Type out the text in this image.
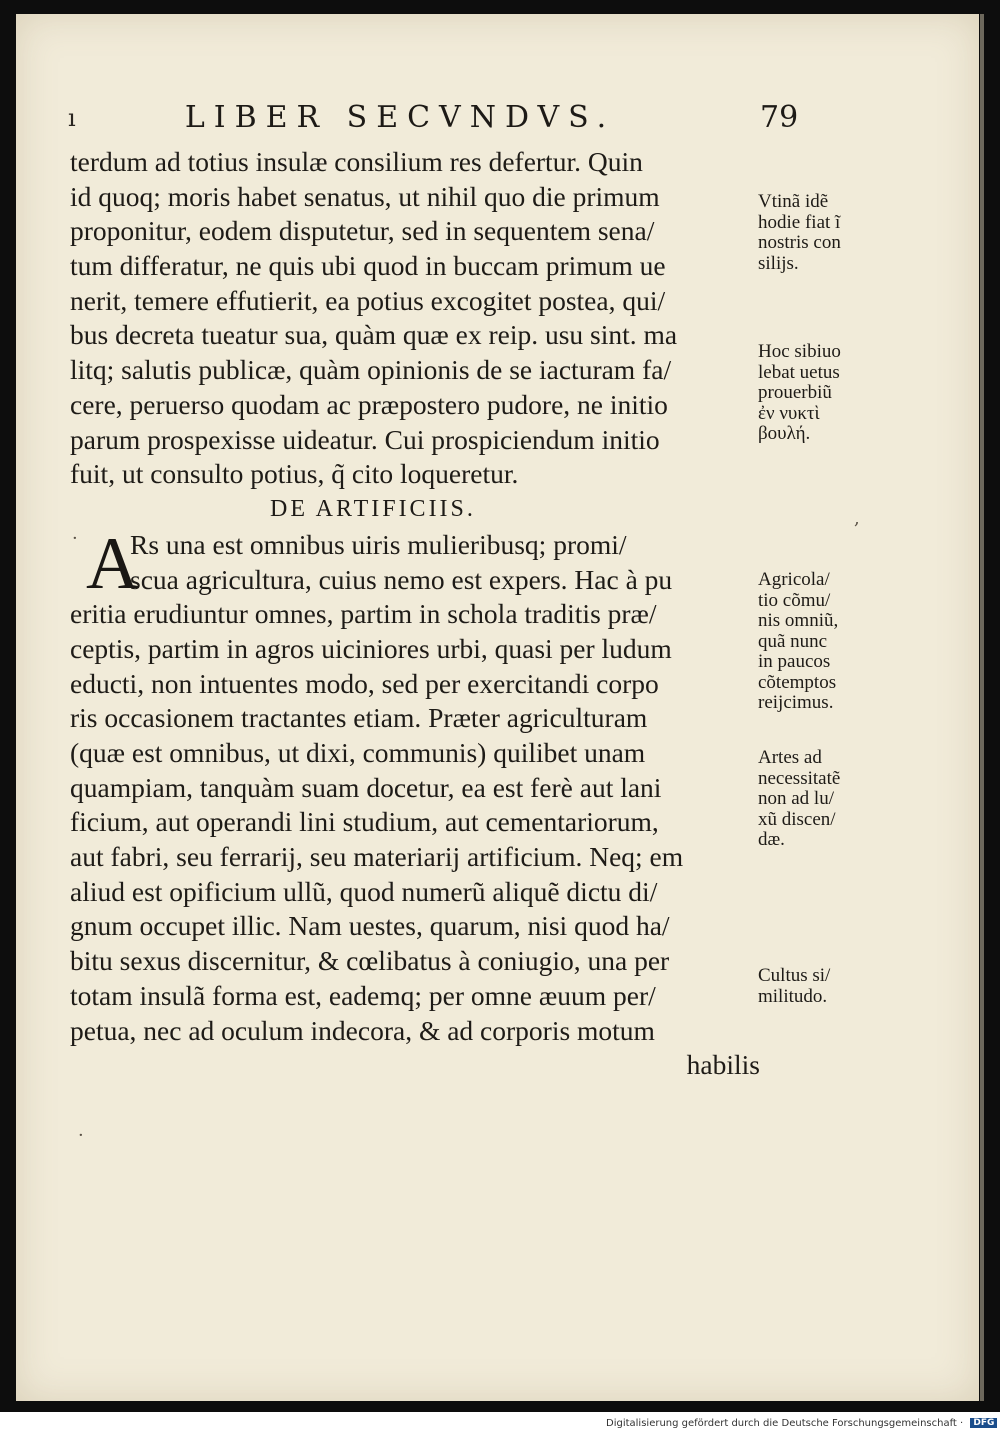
ı	LIBER SECVNDVS.	79
terdum ad totius insulæ consilium res defertur. Quin
id quoq; moris habet senatus, ut nihil quo die primum
proponitur, eodem disputetur, sed in sequentem sena/
tum differatur, ne quis ubi quod in buccam primum ue
nerit, temere effutierit, ea potius excogitet postea, qui/
bus decreta tueatur sua, quàm quæ ex reip. usu sint. ma
litq; salutis publicæ, quàm opinionis de se iacturam fa/
cere, peruerso quodam ac præpostero pudore, ne initio
parum prospexisse uideatur. Cui prospiciendum initio
fuit, ut consulto potius, q̃ cito loqueretur.
DE ARTIFICIIS.
A
Rs una est omnibus uiris mulieribusq; promi/
scua agricultura, cuius nemo est expers. Hac à pu
eritia erudiuntur omnes, partim in schola traditis præ/
ceptis, partim in agros uiciniores urbi, quasi per ludum
educti, non intuentes modo, sed per exercitandi corpo
ris occasionem tractantes etiam. Præter agriculturam
(quæ est omnibus, ut dixi, communis) quilibet unam
quampiam, tanquàm suam docetur, ea est ferè aut lani
ficium, aut operandi lini studium, aut cementariorum,
aut fabri, seu ferrarij, seu materiarij artificium. Neq; em
aliud est opificium ullũ, quod numerũ aliquẽ dictu di/
gnum occupet illic. Nam uestes, quarum, nisi quod ha/
bitu sexus discernitur, & cœlibatus à coniugio, una per
totam insulã forma est, eademq; per omne æuum per/
petua, nec ad oculum indecora, & ad corporis motum
habilis
Vtinã idẽ
hodie fiat ĩ
nostris con
silijs.
Hoc sibiuo
lebat uetus
prouerbiũ
ἐν νυκτὶ
βουλή.
Agricola/
tio cõmu/
nis omniũ,
quã nunc
in paucos
cõtemptos
reijcimus.
Artes ad
necessitatẽ
non ad lu/
xũ discen/
dæ.
Cultus si/
militudo.
·
,
·
Digitalisierung gefördert durch die Deutsche Forschungsgemeinschaft · DFG
